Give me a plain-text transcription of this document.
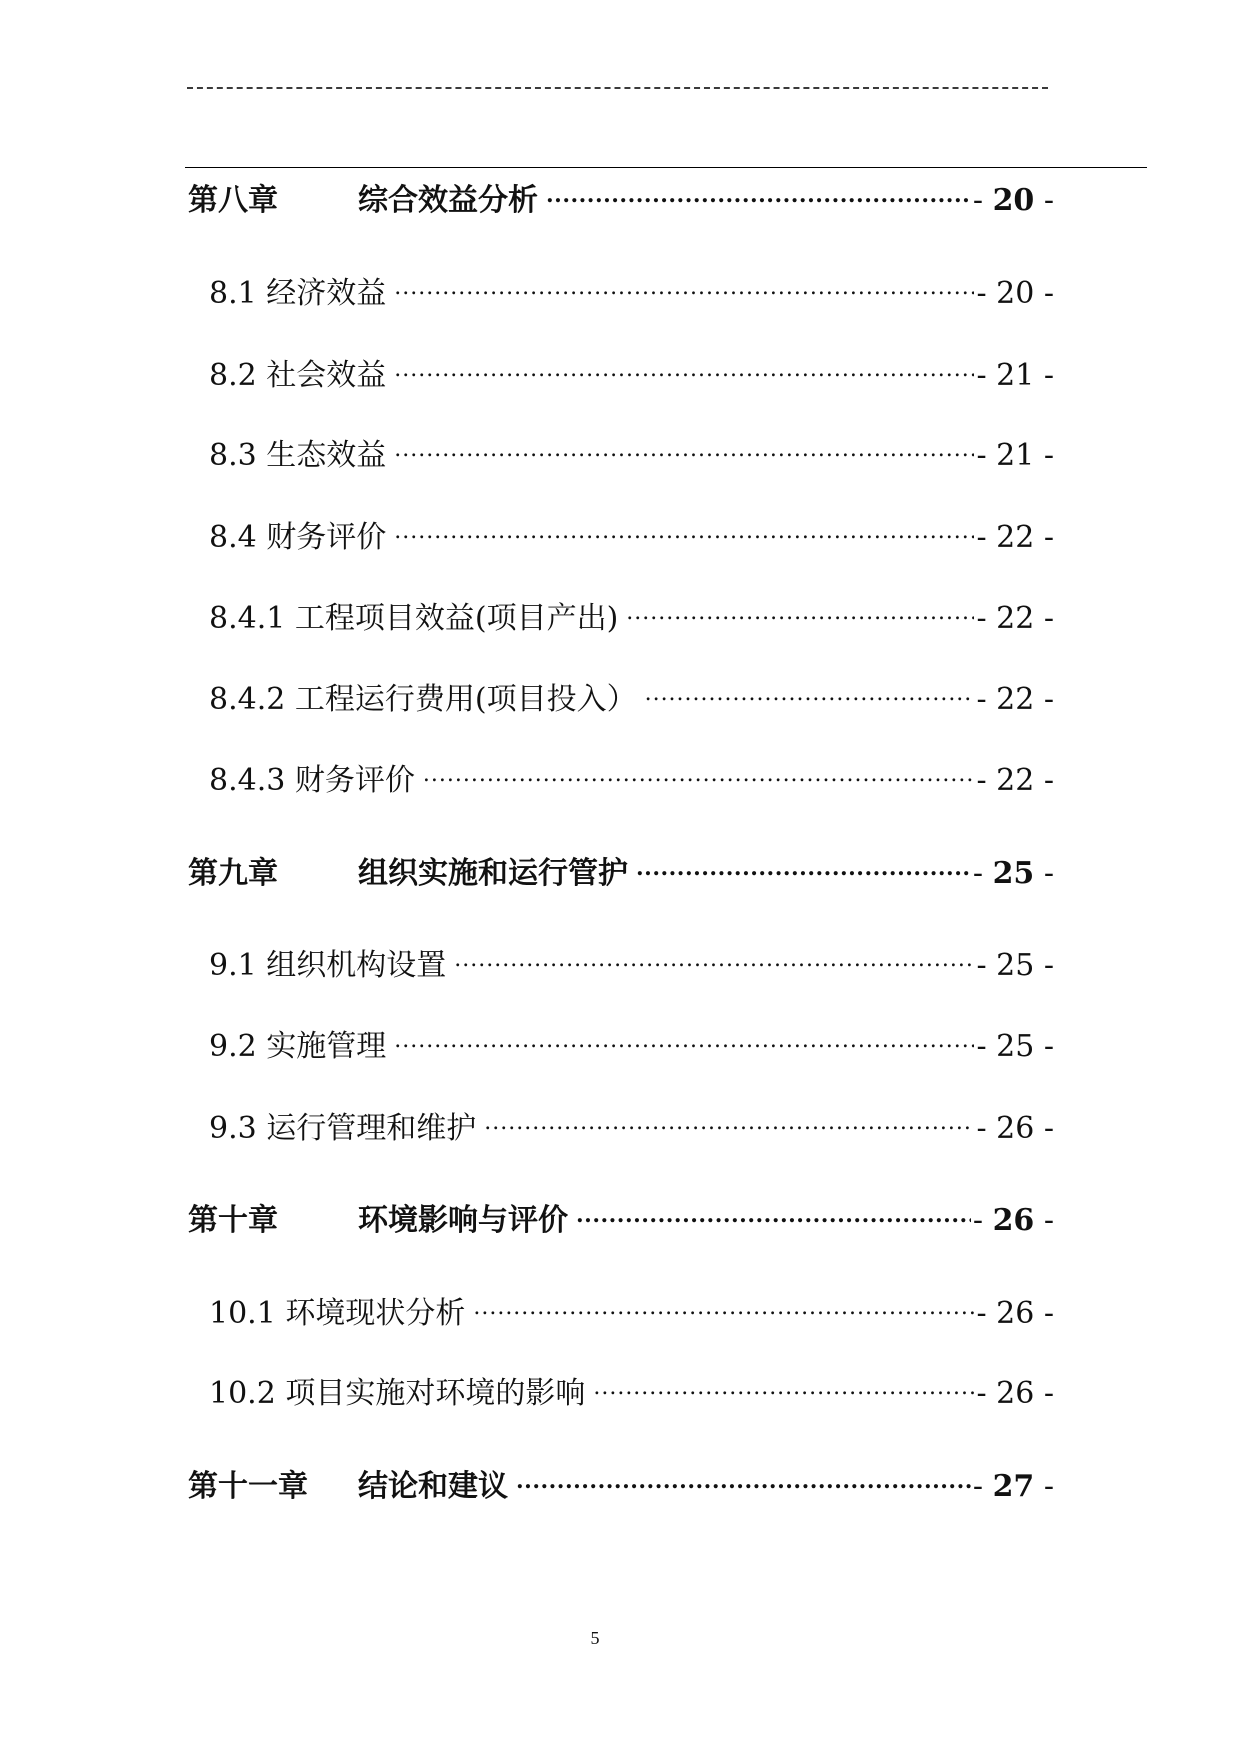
第八章	综合效益分析 .....	- 20 -
8.1 经济效益 .....	- 20 -
8.2 社会效益 .....	- 21 -
8.3 生态效益 .....	- 21 -
8.4 财务评价 .....	- 22 -
8.4.1 工程项目效益(项目产出) .....	- 22 -
8.4.2 工程运行费用(项目投入） .....	- 22 -
8.4.3 财务评价 .....	- 22 -
第九章	组织实施和运行管护 .....	- 25 -
9.1 组织机构设置 .....	- 25 -
9.2 实施管理 .....	- 25 -
9.3 运行管理和维护 .....	- 26 -
第十章	环境影响与评价 .....	- 26 -
10.1 环境现状分析 .....	- 26 -
10.2 项目实施对环境的影响 .....	- 26 -
第十一章	结论和建议 .....	- 27 -
5
